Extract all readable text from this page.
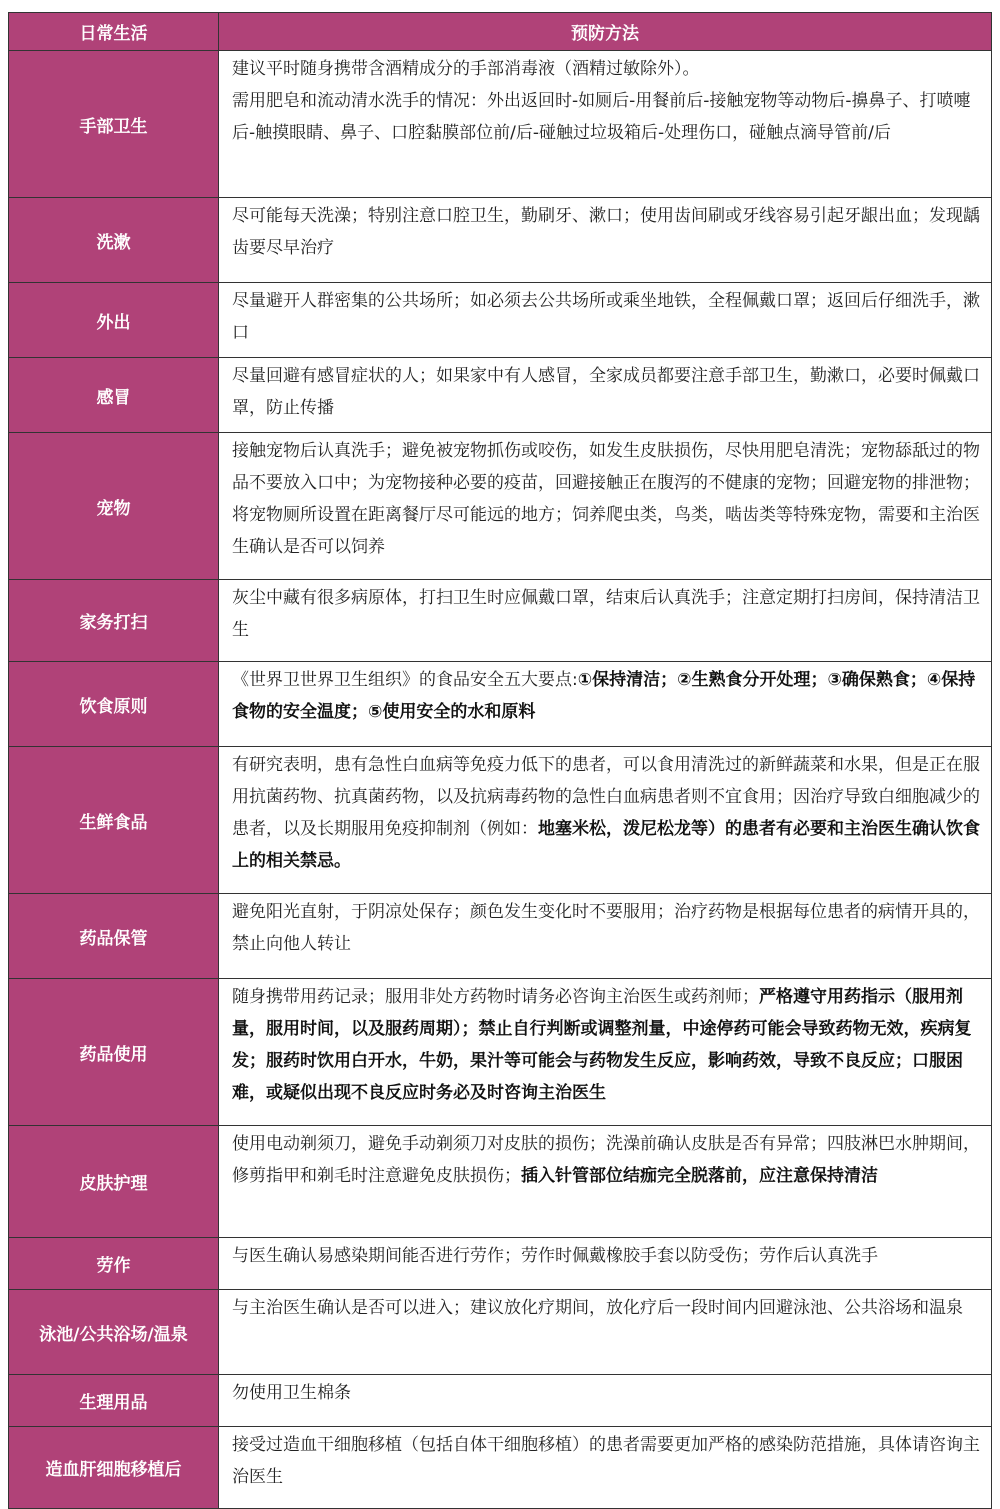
日常生活	预防方法
手部卫生	建议平时随身携带含酒精成分的手部消毒液（酒精过敏除外）。
需用肥皂和流动清水洗手的情况：外出返回时-如厕后-用餐前后-接触宠物等动物后-擤鼻子、打喷嚏后-触摸眼睛、鼻子、口腔黏膜部位前/后-碰触过垃圾箱后-处理伤口，碰触点滴导管前/后

洗漱	尽可能每天洗澡；特别注意口腔卫生，勤刷牙、漱口；使用齿间刷或牙线容易引起牙龈出血；发现龋齿要尽早治疗

外出	尽量避开人群密集的公共场所；如必须去公共场所或乘坐地铁，全程佩戴口罩；返回后仔细洗手，漱口

感冒	尽量回避有感冒症状的人；如果家中有人感冒，全家成员都要注意手部卫生，勤漱口，必要时佩戴口罩，防止传播

宠物	接触宠物后认真洗手；避免被宠物抓伤或咬伤，如发生皮肤损伤，尽快用肥皂清洗；宠物舔舐过的物品不要放入口中；为宠物接种必要的疫苗，回避接触正在腹泻的不健康的宠物；回避宠物的排泄物；将宠物厕所设置在距离餐厅尽可能远的地方；饲养爬虫类，鸟类，啮齿类等特殊宠物，需要和主治医生确认是否可以饲养

家务打扫	灰尘中藏有很多病原体，打扫卫生时应佩戴口罩，结束后认真洗手；注意定期打扫房间，保持清洁卫生

饮食原则	《世界卫世界卫生组织》的食品安全五大要点:①保持清洁；②生熟食分开处理；③确保熟食；④保持食物的安全温度；⑤使用安全的水和原料

生鲜食品	有研究表明，患有急性白血病等免疫力低下的患者，可以食用清洗过的新鲜蔬菜和水果，但是正在服用抗菌药物、抗真菌药物，以及抗病毒药物的急性白血病患者则不宜食用；因治疗导致白细胞减少的患者，以及长期服用免疫抑制剂（例如：地塞米松，泼尼松龙等）的患者有必要和主治医生确认饮食上的相关禁忌。

药品保管	避免阳光直射，于阴凉处保存；颜色发生变化时不要服用；治疗药物是根据每位患者的病情开具的，禁止向他人转让

药品使用	随身携带用药记录；服用非处方药物时请务必咨询主治医生或药剂师；严格遵守用药指示（服用剂量，服用时间，以及服药周期）；禁止自行判断或调整剂量，中途停药可能会导致药物无效，疾病复发；服药时饮用白开水，牛奶，果汁等可能会与药物发生反应，影响药效，导致不良反应；口服困难，或疑似出现不良反应时务必及时咨询主治医生

皮肤护理	使用电动剃须刀，避免手动剃须刀对皮肤的损伤；洗澡前确认皮肤是否有异常；四肢淋巴水肿期间，修剪指甲和剃毛时注意避免皮肤损伤；插入针管部位结痂完全脱落前，应注意保持清洁

劳作	与医生确认易感染期间能否进行劳作；劳作时佩戴橡胶手套以防受伤；劳作后认真洗手

泳池/公共浴场/温泉	与主治医生确认是否可以进入；建议放化疗期间，放化疗后一段时间内回避泳池、公共浴场和温泉

生理用品	勿使用卫生棉条

造血肝细胞移植后	接受过造血干细胞移植（包括自体干细胞移植）的患者需要更加严格的感染防范措施，具体请咨询主治医生
